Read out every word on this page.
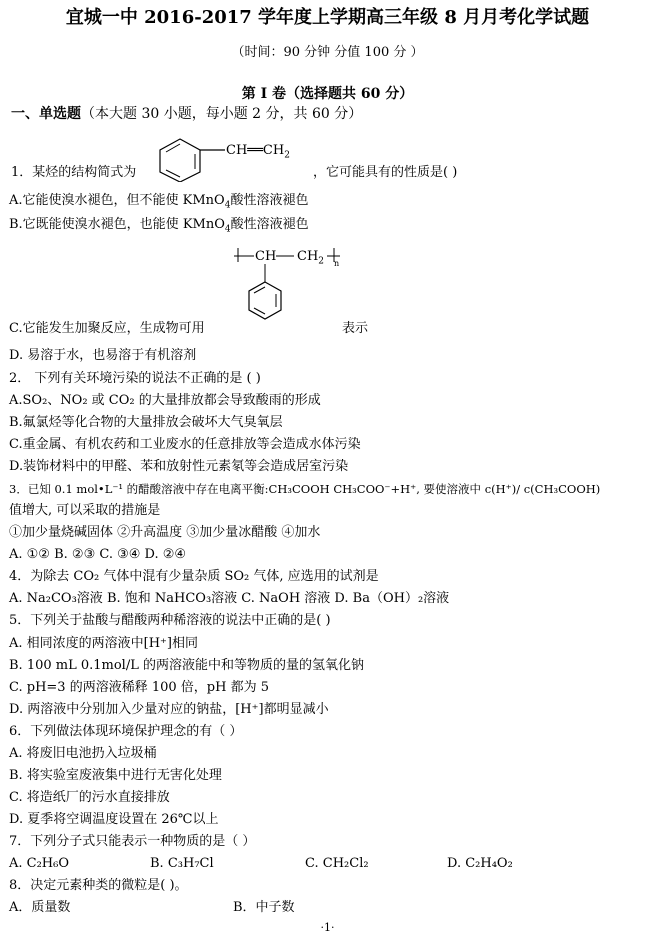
宜城一中 2016-2017 学年度上学期高三年级 8 月月考化学试题
（时间：90 分钟 分值 100 分 ）
第 I 卷（选择题共 60 分）
一、单选题（本大题 30 小题，每小题 2 分，共 60 分）
1．某烃的结构简式为
$CH══CH_2$
，它可能具有的性质是( )
A.它能使溴水褪色，但不能使 KMnO$_4$酸性溶液褪色
B.它既能使溴水褪色，也能使 KMnO$_4$酸性溶液褪色
CH $CH_2$ n
C.它能发生加聚反应，生成物可用	表示
D. 易溶于水，也易溶于有机溶剂
2． 下列有关环境污染的说法不正确的是 ( )
A.SO₂、NO₂ 或 CO₂ 的大量排放都会导致酸雨的形成
B.氟氯烃等化合物的大量排放会破坏大气臭氧层
C.重金属、有机农药和工业废水的任意排放等会造成水体污染
D.装饰材料中的甲醛、苯和放射性元素氡等会造成居室污染
3．已知 0.1 mol•L⁻¹ 的醋酸溶液中存在电离平衡:CH₃COOH CH₃COO⁻+H⁺, 要使溶液中 c(H⁺)/ c(CH₃COOH)
值增大, 可以采取的措施是
①加少量烧碱固体 ②升高温度 ③加少量冰醋酸 ④加水
A. ①② B. ②③ C. ③④ D. ②④
4．为除去 CO₂ 气体中混有少量杂质 SO₂ 气体, 应选用的试剂是
A. Na₂CO₃溶液 B. 饱和 NaHCO₃溶液 C. NaOH 溶液 D. Ba（OH）₂溶液
5．下列关于盐酸与醋酸两种稀溶液的说法中正确的是( )
A. 相同浓度的两溶液中[H⁺]相同
B. 100 mL 0.1mol/L 的两溶液能中和等物质的量的氢氧化钠
C. pH=3 的两溶液稀释 100 倍，pH 都为 5
D. 两溶液中分别加入少量对应的钠盐，[H⁺]都明显减小
6．下列做法体现环境保护理念的有（ ）
A. 将废旧电池扔入垃圾桶
B. 将实验室废液集中进行无害化处理
C. 将造纸厂的污水直接排放
D. 夏季将空调温度设置在 26℃以上
7．下列分子式只能表示一种物质的是（ ）
A. C₂H₆O	B. C₃H₇Cl	C. CH₂Cl₂	D. C₂H₄O₂
8．决定元素种类的微粒是( )。
A．质量数	B．中子数
·1·
